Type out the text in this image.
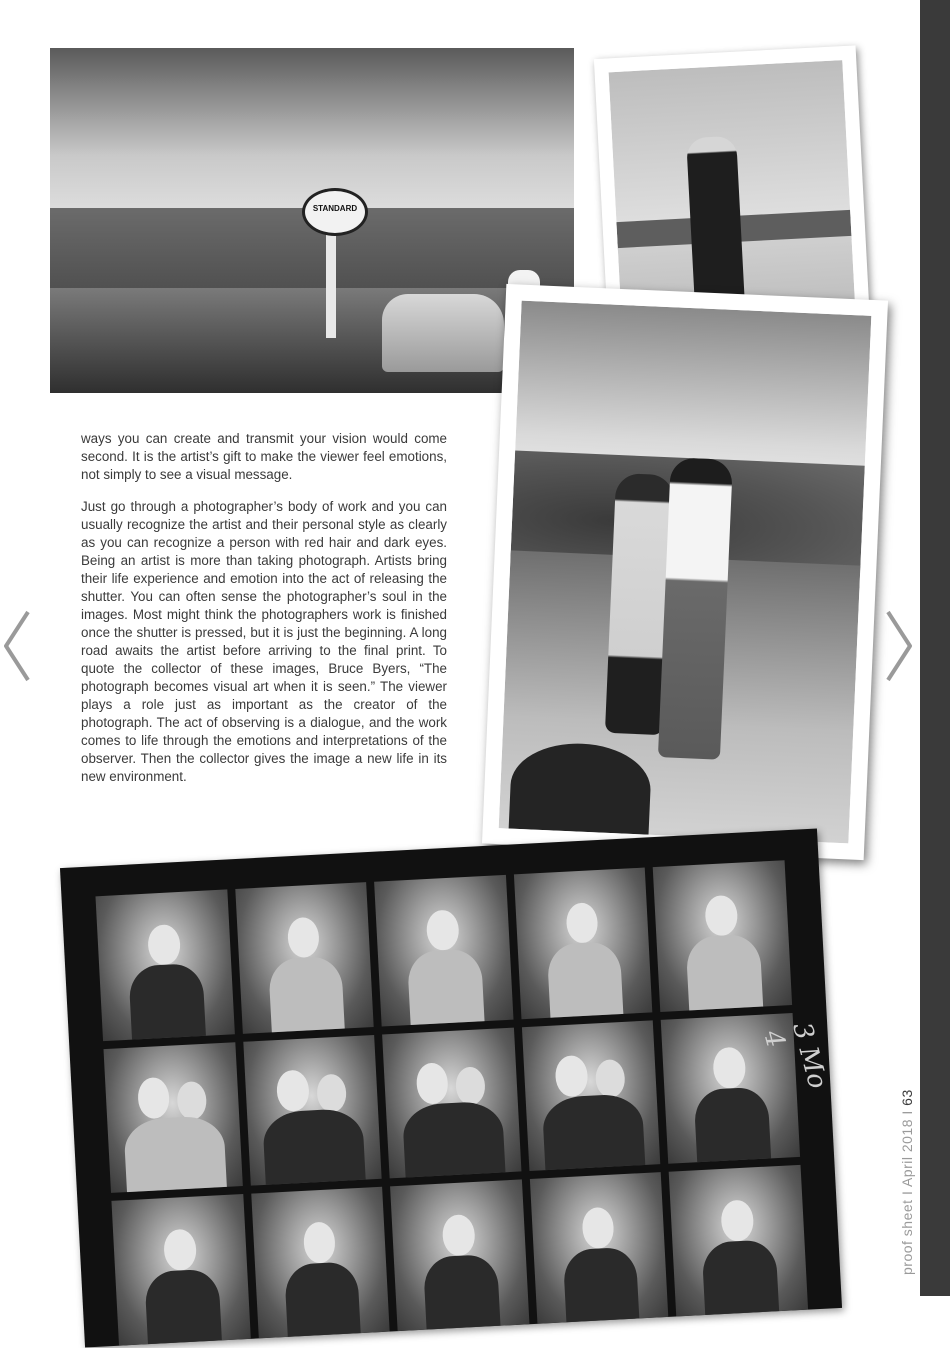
STANDARD

ways you can create and transmit your vision would come second. It is the artist’s gift to make the viewer feel emotions, not simply to see a visual message.

Just go through a photographer’s body of work and you can usually recognize the artist and their personal style as clearly as you can recognize a person with red hair and dark eyes. Being an artist is more than taking photograph. Artists bring their life experience and emotion into the act of releasing the shutter. You can often sense the photographer’s soul in the images. Most might think the photographers work is finished once the shutter is pressed, but it is just the beginning. A long road awaits the artist before arriving to the final print. To quote the collector of these images, Bruce Byers, “The photograph becomes visual art when it is seen.” The viewer plays a role just as important as the creator of the photograph. The act of observing is a dialogue, and the work comes to life through the emotions and interpretations of the observer. Then the collector gives the image a new life in its new environment.

3 Mo 4
proof sheet I April 2018 I 63
